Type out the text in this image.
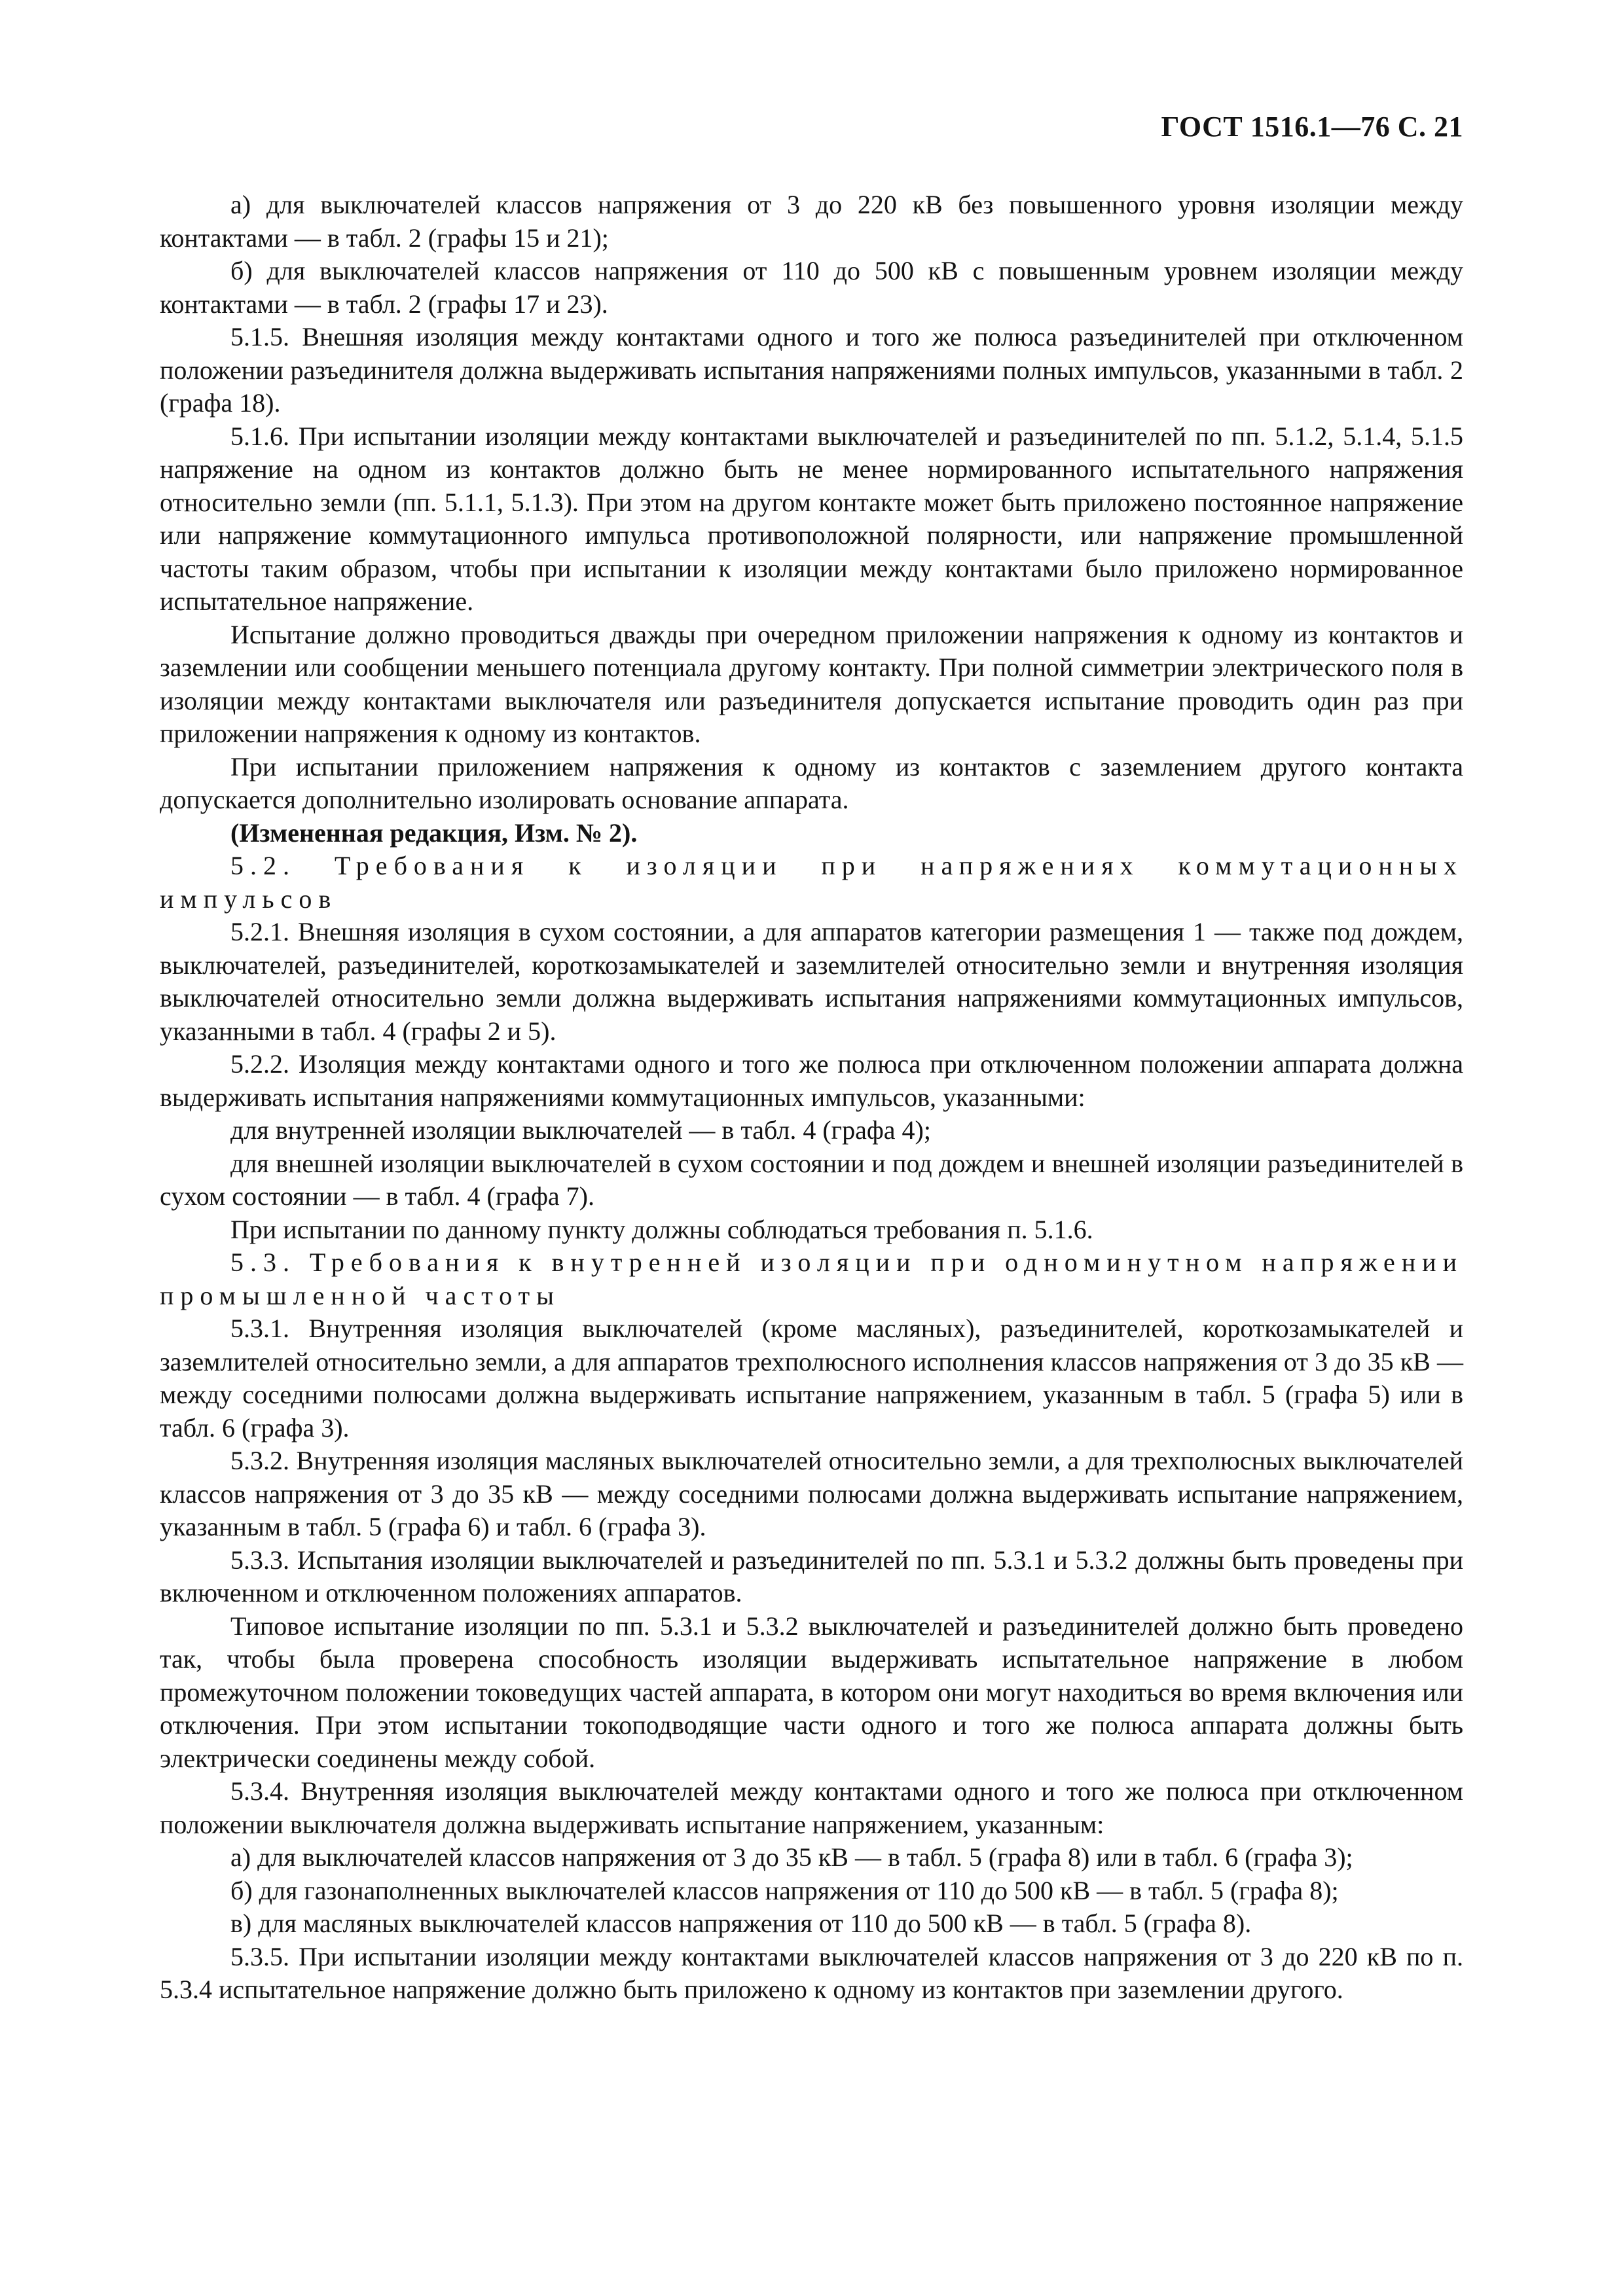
ГОСТ 1516.1—76 С. 21

а) для выключателей классов напряжения от 3 до 220 кВ без повышенного уровня изоляции между контактами — в табл. 2 (графы 15 и 21);

б) для выключателей классов напряжения от 110 до 500 кВ с повышенным уровнем изоляции между контактами — в табл. 2 (графы 17 и 23).

5.1.5. Внешняя изоляция между контактами одного и того же полюса разъединителей при отключенном положении разъединителя должна выдерживать испытания напряжениями полных импульсов, указанными в табл. 2 (графа 18).

5.1.6. При испытании изоляции между контактами выключателей и разъединителей по пп. 5.1.2, 5.1.4, 5.1.5 напряжение на одном из контактов должно быть не менее нормированного испытательного напряжения относительно земли (пп. 5.1.1, 5.1.3). При этом на другом контакте может быть приложено постоянное напряжение или напряжение коммутационного импульса противоположной полярности, или напряжение промышленной частоты таким образом, чтобы при испытании к изоляции между контактами было приложено нормированное испытательное напряжение.

Испытание должно проводиться дважды при очередном приложении напряжения к одному из контактов и заземлении или сообщении меньшего потенциала другому контакту. При полной симметрии электрического поля в изоляции между контактами выключателя или разъединителя допускается испытание проводить один раз при приложении напряжения к одному из контактов.

При испытании приложением напряжения к одному из контактов с заземлением другого контакта допускается дополнительно изолировать основание аппарата.

(Измененная редакция, Изм. № 2).

5.2. Требования к изоляции при напряжениях коммутационных импульсов

5.2.1. Внешняя изоляция в сухом состоянии, а для аппаратов категории размещения 1 — также под дождем, выключателей, разъединителей, короткозамыкателей и заземлителей относительно земли и внутренняя изоляция выключателей относительно земли должна выдерживать испытания напряжениями коммутационных импульсов, указанными в табл. 4 (графы 2 и 5).

5.2.2. Изоляция между контактами одного и того же полюса при отключенном положении аппарата должна выдерживать испытания напряжениями коммутационных импульсов, указанными:

для внутренней изоляции выключателей — в табл. 4 (графа 4);

для внешней изоляции выключателей в сухом состоянии и под дождем и внешней изоляции разъединителей в сухом состоянии — в табл. 4 (графа 7).

При испытании по данному пункту должны соблюдаться требования п. 5.1.6.

5.3. Требования к внутренней изоляции при одноминутном напряжении промышленной частоты

5.3.1. Внутренняя изоляция выключателей (кроме масляных), разъединителей, короткозамыкателей и заземлителей относительно земли, а для аппаратов трехполюсного исполнения классов напряжения от 3 до 35 кВ — между соседними полюсами должна выдерживать испытание напряжением, указанным в табл. 5 (графа 5) или в табл. 6 (графа 3).

5.3.2. Внутренняя изоляция масляных выключателей относительно земли, а для трехполюсных выключателей классов напряжения от 3 до 35 кВ — между соседними полюсами должна выдерживать испытание напряжением, указанным в табл. 5 (графа 6) и табл. 6 (графа 3).

5.3.3. Испытания изоляции выключателей и разъединителей по пп. 5.3.1 и 5.3.2 должны быть проведены при включенном и отключенном положениях аппаратов.

Типовое испытание изоляции по пп. 5.3.1 и 5.3.2 выключателей и разъединителей должно быть проведено так, чтобы была проверена способность изоляции выдерживать испытательное напряжение в любом промежуточном положении токоведущих частей аппарата, в котором они могут находиться во время включения или отключения. При этом испытании токоподводящие части одного и того же полюса аппарата должны быть электрически соединены между собой.

5.3.4. Внутренняя изоляция выключателей между контактами одного и того же полюса при отключенном положении выключателя должна выдерживать испытание напряжением, указанным:

а) для выключателей классов напряжения от 3 до 35 кВ — в табл. 5 (графа 8) или в табл. 6 (графа 3);

б) для газонаполненных выключателей классов напряжения от 110 до 500 кВ — в табл. 5 (графа 8);

в) для масляных выключателей классов напряжения от 110 до 500 кВ — в табл. 5 (графа 8).

5.3.5. При испытании изоляции между контактами выключателей классов напряжения от 3 до 220 кВ по п. 5.3.4 испытательное напряжение должно быть приложено к одному из контактов при заземлении другого.
